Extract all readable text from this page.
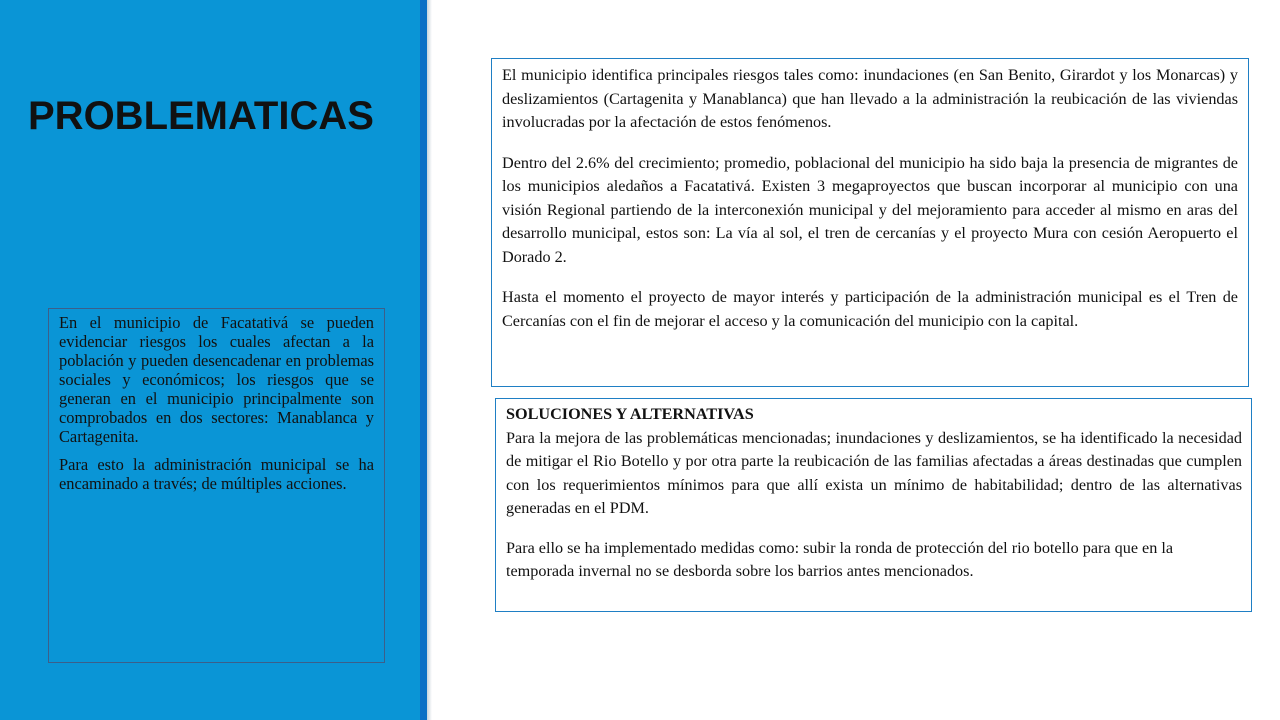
PROBLEMATICAS

En el municipio de Facatativá se pueden evidenciar riesgos los cuales afectan a la población y pueden desencadenar en problemas sociales y económicos; los riesgos que se generan en el municipio principalmente son comprobados en dos sectores: Manablanca y Cartagenita.

Para esto la administración municipal se ha encaminado a través; de múltiples acciones.

El municipio identifica principales riesgos tales como: inundaciones (en San Benito, Girardot y los Monarcas) y deslizamientos (Cartagenita y Manablanca) que han llevado a la administración la reubicación de las viviendas involucradas por la afectación de estos fenómenos.

Dentro del 2.6% del crecimiento; promedio, poblacional del municipio ha sido baja la presencia de migrantes de los municipios aledaños a Facatativá. Existen 3 megaproyectos que buscan incorporar al municipio con una visión Regional partiendo de la interconexión municipal y del mejoramiento para acceder al mismo en aras del desarrollo municipal, estos son: La vía al sol, el tren de cercanías y el proyecto Mura con cesión Aeropuerto el Dorado 2.

Hasta el momento el proyecto de mayor interés y participación de la administración municipal es el Tren de Cercanías con el fin de mejorar el acceso y la comunicación del municipio con la capital.

SOLUCIONES Y ALTERNATIVAS

Para la mejora de las problemáticas mencionadas; inundaciones y deslizamientos, se ha identificado la necesidad de mitigar el Rio Botello y por otra parte la reubicación de las familias afectadas a áreas destinadas que cumplen con los requerimientos mínimos para que allí exista un mínimo de habitabilidad; dentro de las alternativas generadas en el PDM.

Para ello se ha implementado medidas como: subir la ronda de protección del rio botello para que en la temporada invernal no se desborda sobre los barrios antes mencionados.
